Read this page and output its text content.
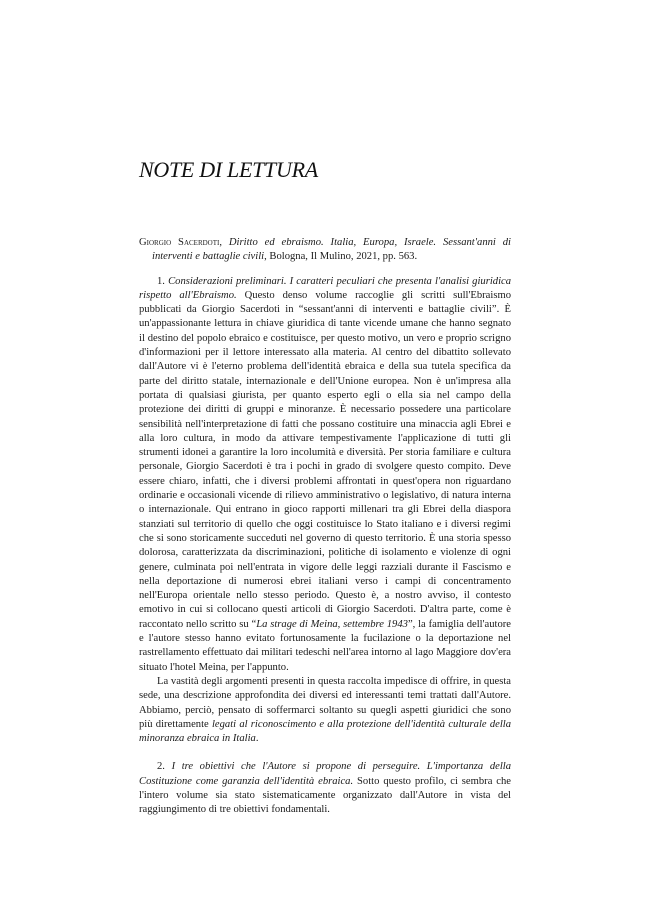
NOTE DI LETTURA

Giorgio Sacerdoti, Diritto ed ebraismo. Italia, Europa, Israele. Sessant'anni di interventi e battaglie civili, Bologna, Il Mulino, 2021, pp. 563.

1. Considerazioni preliminari. I caratteri peculiari che presenta l'analisi giuridica rispetto all'Ebraismo. Questo denso volume raccoglie gli scritti sull'Ebraismo pubblicati da Giorgio Sacerdoti in “sessant'anni di interventi e battaglie civili”. È un'appassionante lettura in chiave giuridica di tante vicende umane che hanno segnato il destino del popolo ebraico e costituisce, per questo motivo, un vero e proprio scrigno d'informazioni per il lettore interessato alla materia. Al centro del dibattito sollevato dall'Autore vi è l'eterno problema dell'identità ebraica e della sua tutela specifica da parte del diritto statale, internazionale e dell'Unione europea. Non è un'impresa alla portata di qualsiasi giurista, per quanto esperto egli o ella sia nel campo della protezione dei diritti di gruppi e minoranze. È necessario possedere una particolare sensibilità nell'interpretazione di fatti che possano costituire una minaccia agli Ebrei e alla loro cultura, in modo da attivare tempestivamente l'applicazione di tutti gli strumenti idonei a garantire la loro incolumità e diversità. Per storia familiare e cultura personale, Giorgio Sacerdoti è tra i pochi in grado di svolgere questo compito. Deve essere chiaro, infatti, che i diversi problemi affrontati in quest'opera non riguardano ordinarie e occasionali vicende di rilievo amministrativo o legislativo, di natura interna o internazionale. Qui entrano in gioco rapporti millenari tra gli Ebrei della diaspora stanziati sul territorio di quello che oggi costituisce lo Stato italiano e i diversi regimi che si sono storicamente succeduti nel governo di questo territorio. È una storia spesso dolorosa, caratterizzata da discriminazioni, politiche di isolamento e violenze di ogni genere, culminata poi nell'entrata in vigore delle leggi razziali durante il Fascismo e nella deportazione di numerosi ebrei italiani verso i campi di concentramento nell'Europa orientale nello stesso periodo. Questo è, a nostro avviso, il contesto emotivo in cui si collocano questi articoli di Giorgio Sacerdoti. D'altra parte, come è raccontato nello scritto su “La strage di Meina, settembre 1943”, la famiglia dell'autore e l'autore stesso hanno evitato fortunosamente la fucilazione o la deportazione nel rastrellamento effettuato dai militari tedeschi nell'area intorno al lago Maggiore dov'era situato l'hotel Meina, per l'appunto.

La vastità degli argomenti presenti in questa raccolta impedisce di offrire, in questa sede, una descrizione approfondita dei diversi ed interessanti temi trattati dall'Autore. Abbiamo, perciò, pensato di soffermarci soltanto su quegli aspetti giuridici che sono più direttamente legati al riconoscimento e alla protezione dell'identità culturale della minoranza ebraica in Italia.

2. I tre obiettivi che l'Autore si propone di perseguire. L'importanza della Costituzione come garanzia dell'identità ebraica. Sotto questo profilo, ci sembra che l'intero volume sia stato sistematicamente organizzato dall'Autore in vista del raggiungimento di tre obiettivi fondamentali.
